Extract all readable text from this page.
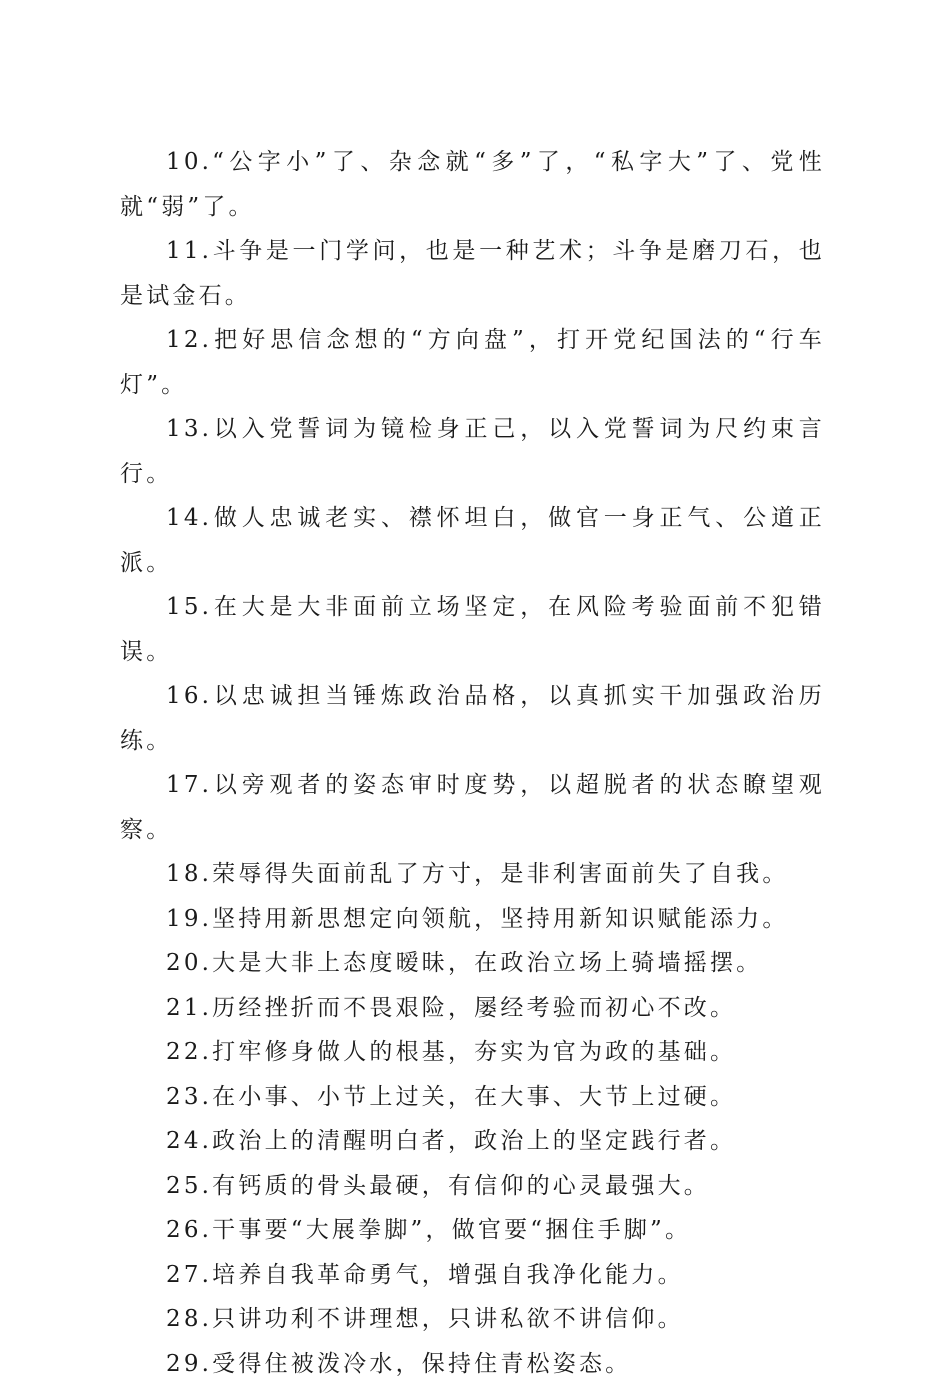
10.“公字小”了、杂念就“多”了，“私字大”了、党性就“弱”了。

11.斗争是一门学问，也是一种艺术；斗争是磨刀石，也是试金石。

12.把好思信念想的“方向盘”，打开党纪国法的“行车灯”。

13.以入党誓词为镜检身正己，以入党誓词为尺约束言行。

14.做人忠诚老实、襟怀坦白，做官一身正气、公道正派。

15.在大是大非面前立场坚定，在风险考验面前不犯错误。

16.以忠诚担当锤炼政治品格，以真抓实干加强政治历练。

17.以旁观者的姿态审时度势，以超脱者的状态瞭望观察。

18.荣辱得失面前乱了方寸，是非利害面前失了自我。

19.坚持用新思想定向领航，坚持用新知识赋能添力。

20.大是大非上态度暧昧，在政治立场上骑墙摇摆。

21.历经挫折而不畏艰险，屡经考验而初心不改。

22.打牢修身做人的根基，夯实为官为政的基础。

23.在小事、小节上过关，在大事、大节上过硬。

24.政治上的清醒明白者，政治上的坚定践行者。

25.有钙质的骨头最硬，有信仰的心灵最强大。

26.干事要“大展拳脚”，做官要“捆住手脚”。

27.培养自我革命勇气，增强自我净化能力。

28.只讲功利不讲理想，只讲私欲不讲信仰。

29.受得住被泼冷水，保持住青松姿态。
